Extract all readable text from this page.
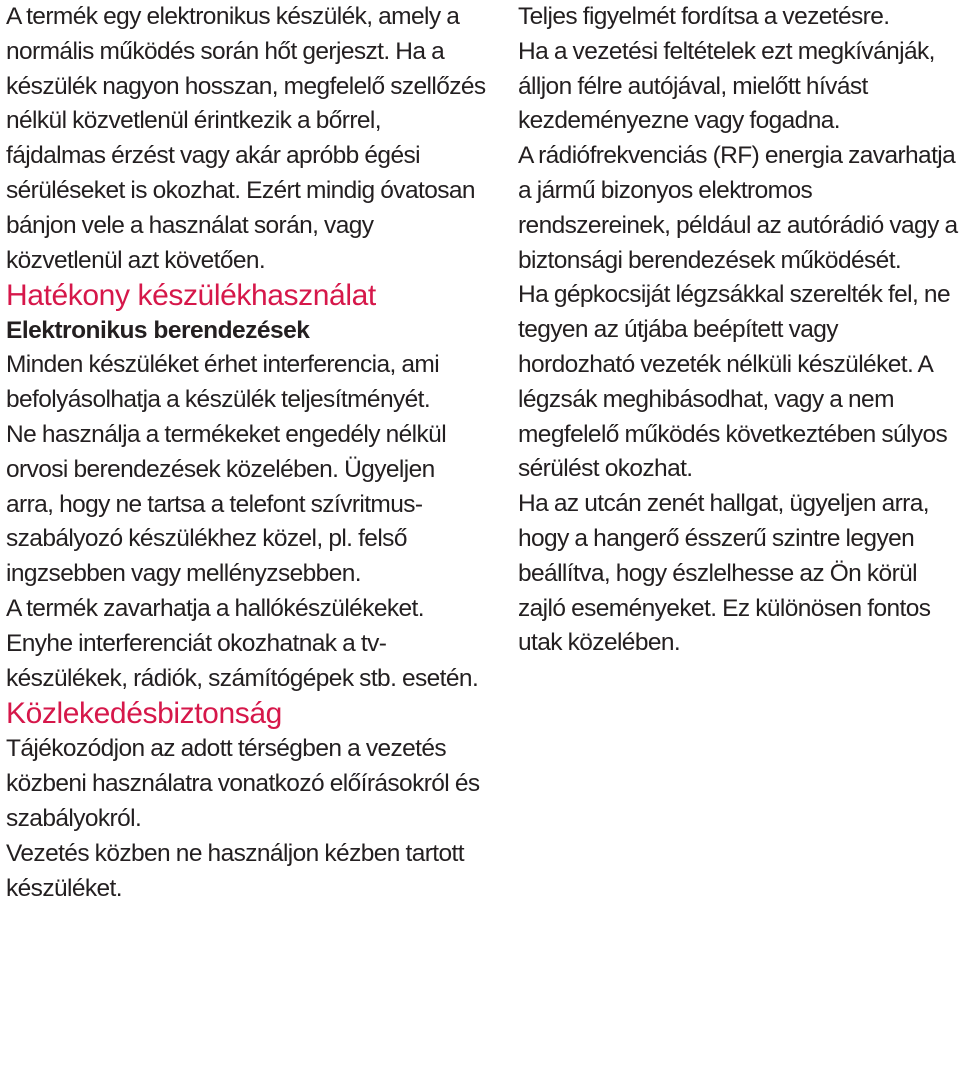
A termék egy elektronikus készülék, amely a normális működés során hőt gerjeszt. Ha a készülék nagyon hosszan, megfelelő szellőzés nélkül közvetlenül érintkezik a bőrrel, fájdalmas érzést vagy akár apróbb égési sérüléseket is okozhat. Ezért mindig óvatosan bánjon vele a használat során, vagy közvetlenül azt követően.

Hatékony készülékhasználat
Elektronikus berendezések

Minden készüléket érhet interferencia, ami befolyásolhatja a készülék teljesítményét.

Ne használja a termékeket engedély nélkül orvosi berendezések közelében. Ügyeljen arra, hogy ne tartsa a telefont szívritmus-szabályozó készülékhez közel, pl. felső ingzsebben vagy mellényzsebben.

A termék zavarhatja a hallókészülékeket.

Enyhe interferenciát okozhatnak a tv-készülékek, rádiók, számítógépek stb. esetén.

Közlekedésbiztonság

Tájékozódjon az adott térségben a vezetés közbeni használatra vonatkozó előírásokról és szabályokról.

Vezetés közben ne használjon kézben tartott készüléket.

Teljes figyelmét fordítsa a vezetésre.

Ha a vezetési feltételek ezt megkívánják, álljon félre autójával, mielőtt hívást kezdeményezne vagy fogadna.

A rádiófrekvenciás (RF) energia zavarhatja a jármű bizonyos elektromos rendszereinek, például az autórádió vagy a biztonsági berendezések működését.

Ha gépkocsiját légzsákkal szerelték fel, ne tegyen az útjába beépített vagy hordozható vezeték nélküli készüléket. A légzsák meghibásodhat, vagy a nem megfelelő működés következtében súlyos sérülést okozhat.

Ha az utcán zenét hallgat, ügyeljen arra, hogy a hangerő ésszerű szintre legyen beállítva, hogy észlelhesse az Ön körül zajló eseményeket. Ez különösen fontos utak közelében.
